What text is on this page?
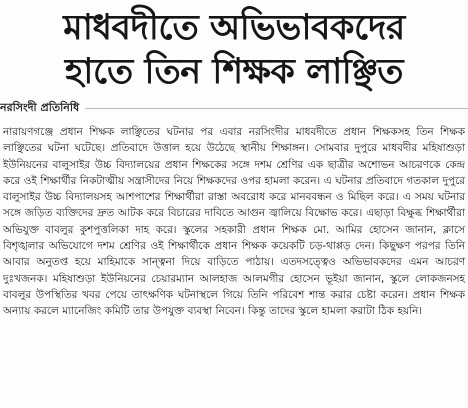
মাধবদীতে অভিভাবকদের
হাতে তিন শিক্ষক লাঞ্ছিত
নরসিংদী প্রতিনিধি

নারায়ণগঞ্জে প্রধান শিক্ষক লাঞ্ছিতের ঘটনার পর এবার নরসিংদীর মাধবদীতে প্রধান শিক্ষকসহ তিন শিক্ষক লাঞ্ছিতের ঘটনা ঘটেছে। প্রতিবাদে উত্তাল হয়ে উঠেছে স্থানীয় শিক্ষাঙ্গন। সোমবার দুপুরে মাধবদীর মহিষাশুড়া ইউনিয়নের বালুসাইর উচ্চ বিদ্যালয়ের প্রধান শিক্ষকের সঙ্গে দশম শ্রেণির এক ছাত্রীর অশোভন আচরণকে কেন্দ্র করে ওই শিক্ষার্থীর নিকটাত্মীয় সন্ত্রাসীদের নিয়ে শিক্ষকদের ওপর হামলা করেন। এ ঘটনার প্রতিবাদে গতকাল দুপুরে বালুসাইর উচ্চ বিদ্যালয়সহ আশপাশের শিক্ষার্থীরা রাস্তা অবরোধ করে মানববন্ধন ও মিছিল করে। এ সময় ঘটনার সঙ্গে জড়িত ব্যক্তিদের দ্রুত আটক করে বিচারের দাবিতে আগুন জ্বালিয়ে বিক্ষোভ করে। এছাড়া বিক্ষুব্ধ শিক্ষার্থীরা অভিযুক্ত বাবলুর কুশপুত্তলিকা দাহ করে। স্কুলের সহকারী প্রধান শিক্ষক মো. আমির হোসেন জানান, ক্লাসে বিশৃঙ্খলার অভিযোগে দশম শ্রেণির ওই শিক্ষার্থীকে প্রধান শিক্ষক কয়েকটি চড়-থাপ্পড় দেন। কিছুক্ষণ পরপর তিনি আবার অনুতপ্ত হয়ে মাহিমাকে সান্ত্বনা দিয়ে বাড়িতে পাঠায়। এতদসত্ত্বেও অভিভাবকদের এমন আচরণ দুঃখজনক। মহিষাশুড়া ইউনিয়নের চেয়ারম্যান আলহাজ আলমগীর হোসেন ভূইয়া জানান, স্কুলে লোকজনসহ বাবলুর উপস্থিতির খবর পেয়ে তাৎক্ষণিক ঘটনাস্থলে গিয়ে তিনি পরিবেশ শান্ত করার চেষ্টা করেন। প্রধান শিক্ষক অন্যায় করলে ম্যানেজিং কমিটি তার উপযুক্ত ব্যবস্থা নিবেন। কিন্তু তাদের স্কুলে হামলা করাটা ঠিক হয়নি।
